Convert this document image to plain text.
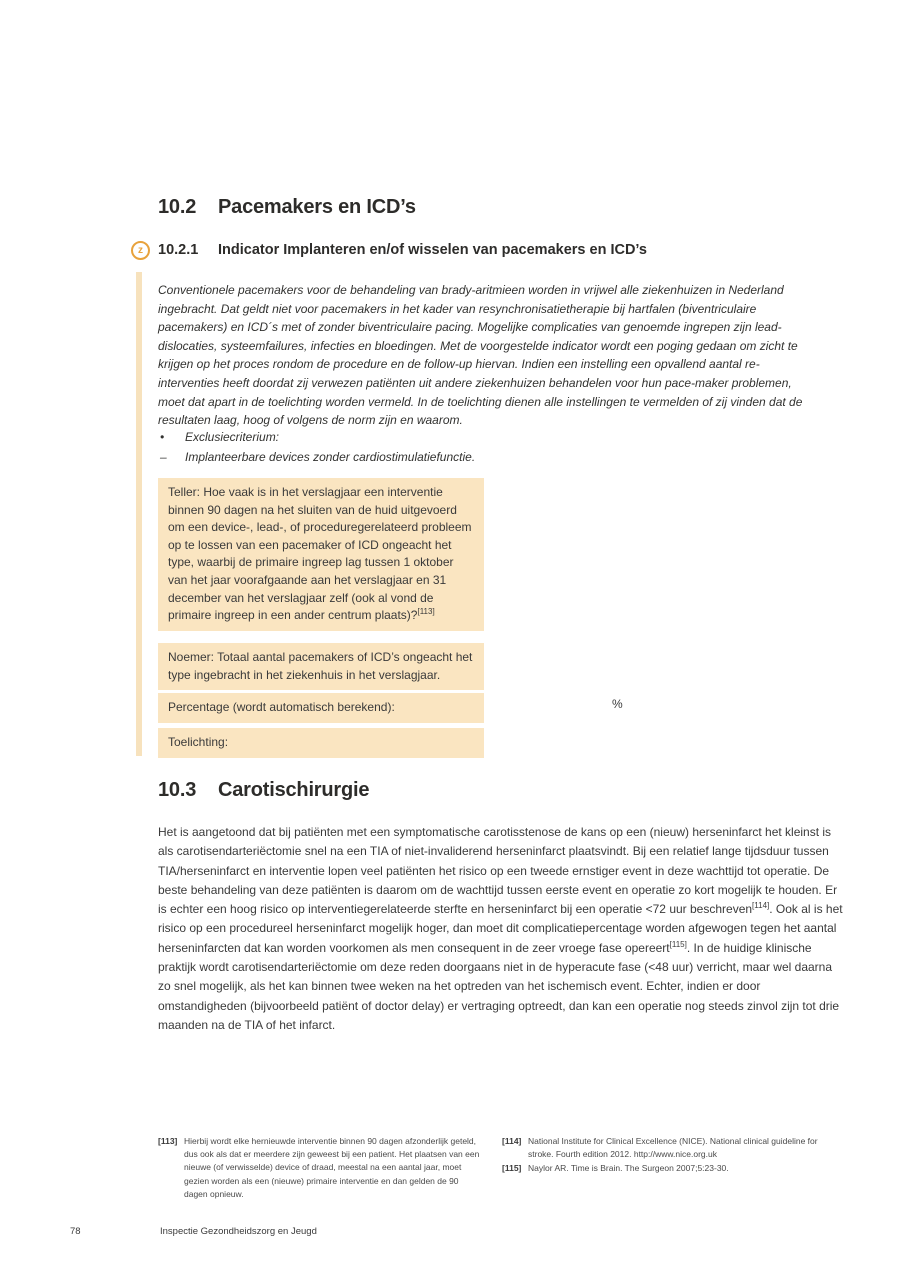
10.2	Pacemakers en ICD’s
z 10.2.1	Indicator Implanteren en/of wisselen van pacemakers en ICD’s
Conventionele pacemakers voor de behandeling van brady-aritmieen worden in vrijwel alle ziekenhuizen in Nederland ingebracht. Dat geldt niet voor pacemakers in het kader van resynchronisatietherapie bij hartfalen (biventriculaire pacemakers) en ICD´s met of zonder biventriculaire pacing. Mogelijke complicaties van genoemde ingrepen zijn lead-dislocaties, systeemfailures, infecties en bloedingen. Met de voorgestelde indicator wordt een poging gedaan om zicht te krijgen op het proces rondom de procedure en de follow-up hiervan. Indien een instelling een opvallend aantal re-interventies heeft doordat zij verwezen patiënten uit andere ziekenhuizen behandelen voor hun pace-maker problemen, moet dat apart in de toelichting worden vermeld. In de toelichting dienen alle instellingen te vermelden of zij vinden dat de resultaten laag, hoog of volgens de norm zijn en waarom.
•	Exclusiecriterium:
–	Implanteerbare devices zonder cardiostimulatiefunctie.
Teller: Hoe vaak is in het verslagjaar een interventie binnen 90 dagen na het sluiten van de huid uitgevoerd om een device-, lead-, of proceduregerelateerd probleem op te lossen van een pacemaker of ICD ongeacht het type, waarbij de primaire ingreep lag tussen 1 oktober van het jaar voorafgaande aan het verslagjaar en 31 december van het verslagjaar zelf (ook al vond de primaire ingreep in een ander centrum plaats)?[113]
Noemer: Totaal aantal pacemakers of ICD’s ongeacht het type ingebracht in het ziekenhuis in het verslagjaar.
Percentage (wordt automatisch berekend):	%
Toelichting:
10.3	Carotischirurgie
Het is aangetoond dat bij patiënten met een symptomatische carotisstenose de kans op een (nieuw) herseninfarct het kleinst is als carotisendarteriëctomie snel na een TIA of niet-invaliderend herseninfarct plaatsvindt. Bij een relatief lange tijdsduur tussen TIA/herseninfarct en interventie lopen veel patiënten het risico op een tweede ernstiger event in deze wachttijd tot operatie. De beste behandeling van deze patiënten is daarom om de wachttijd tussen eerste event en operatie zo kort mogelijk te houden. Er is echter een hoog risico op interventiegerelateerde sterfte en herseninfarct bij een operatie <72 uur beschreven[114]. Ook al is het risico op een procedureel herseninfarct mogelijk hoger, dan moet dit complicatiepercentage worden afgewogen tegen het aantal herseninfarcten dat kan worden voorkomen als men consequent in de zeer vroege fase opereert[115]. In de huidige klinische praktijk wordt carotisendarteriëctomie om deze reden doorgaans niet in de hyperacute fase (<48 uur) verricht, maar wel daarna zo snel mogelijk, als het kan binnen twee weken na het optreden van het ischemisch event. Echter, indien er door omstandigheden (bijvoorbeeld patiënt of doctor delay) er vertraging optreedt, dan kan een operatie nog steeds zinvol zijn tot drie maanden na de TIA of het infarct.
[113] Hierbij wordt elke hernieuwde interventie binnen 90 dagen afzonderlijk geteld, dus ook als dat er meerdere zijn geweest bij een patient. Het plaatsen van een nieuwe (of verwisselde) device of draad, meestal na een aantal jaar, moet gezien worden als een (nieuwe) primaire interventie en dan gelden de 90 dagen opnieuw.
[114] National Institute for Clinical Excellence (NICE). National clinical guideline for stroke. Fourth edition 2012. http://www.nice.org.uk
[115] Naylor AR. Time is Brain. The Surgeon 2007;5:23-30.
78	Inspectie Gezondheidszorg en Jeugd
